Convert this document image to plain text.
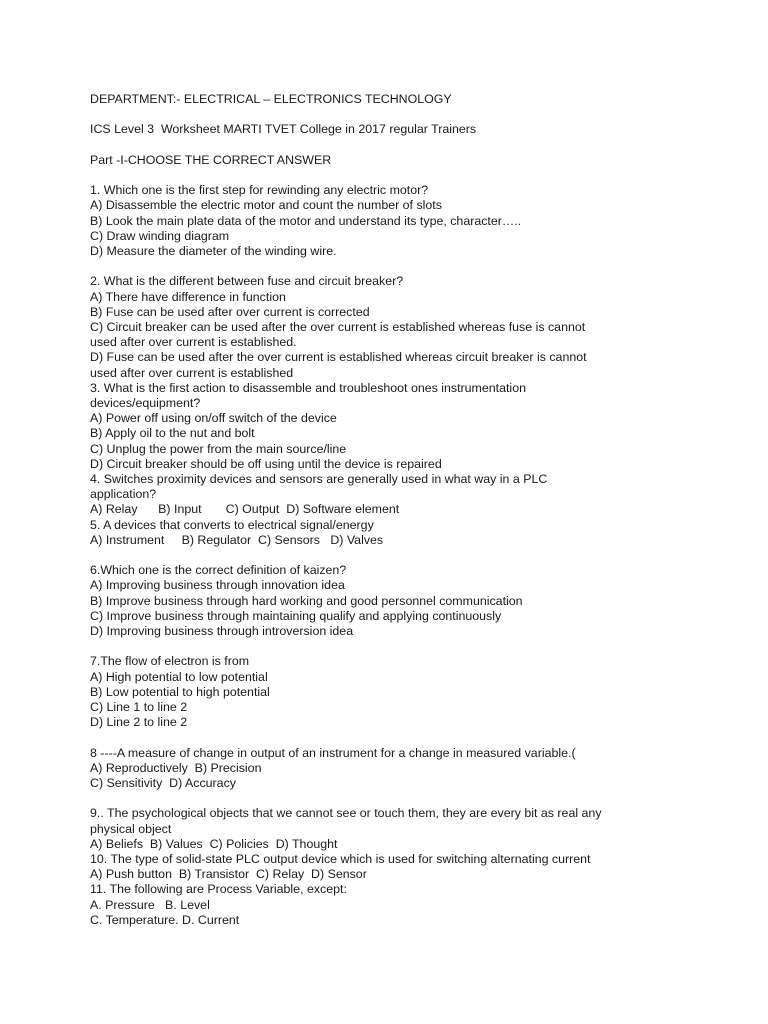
DEPARTMENT:- ELECTRICAL – ELECTRONICS TECHNOLOGY

ICS Level 3  Worksheet MARTI TVET College in 2017 regular Trainers

Part -I-CHOOSE THE CORRECT ANSWER

1. Which one is the first step for rewinding any electric motor?

A) Disassemble the electric motor and count the number of slots

B) Look the main plate data of the motor and understand its type, character…..

C) Draw winding diagram

D) Measure the diameter of the winding wire.

2. What is the different between fuse and circuit breaker?

A) There have difference in function

B) Fuse can be used after over current is corrected

C) Circuit breaker can be used after the over current is established whereas fuse is cannot

used after over current is established.

D) Fuse can be used after the over current is established whereas circuit breaker is cannot

used after over current is established

3. What is the first action to disassemble and troubleshoot ones instrumentation

devices/equipment?

A) Power off using on/off switch of the device

B) Apply oil to the nut and bolt

C) Unplug the power from the main source/line

D) Circuit breaker should be off using until the device is repaired

4. Switches proximity devices and sensors are generally used in what way in a PLC

application?

A) Relay      B) Input       C) Output  D) Software element

5. A devices that converts to electrical signal/energy

A) Instrument     B) Regulator  C) Sensors   D) Valves

6.Which one is the correct definition of kaizen?

A) Improving business through innovation idea

B) Improve business through hard working and good personnel communication

C) Improve business through maintaining qualify and applying continuously

D) Improving business through introversion idea

7.The flow of electron is from

A) High potential to low potential

B) Low potential to high potential

C) Line 1 to line 2

D) Line 2 to line 2

8 ----A measure of change in output of an instrument for a change in measured variable.(

A) Reproductively  B) Precision

C) Sensitivity  D) Accuracy

9.. The psychological objects that we cannot see or touch them, they are every bit as real any

physical object

A) Beliefs  B) Values  C) Policies  D) Thought

10. The type of solid-state PLC output device which is used for switching alternating current

A) Push button  B) Transistor  C) Relay  D) Sensor

11. The following are Process Variable, except:

A. Pressure   B. Level

C. Temperature. D. Current
